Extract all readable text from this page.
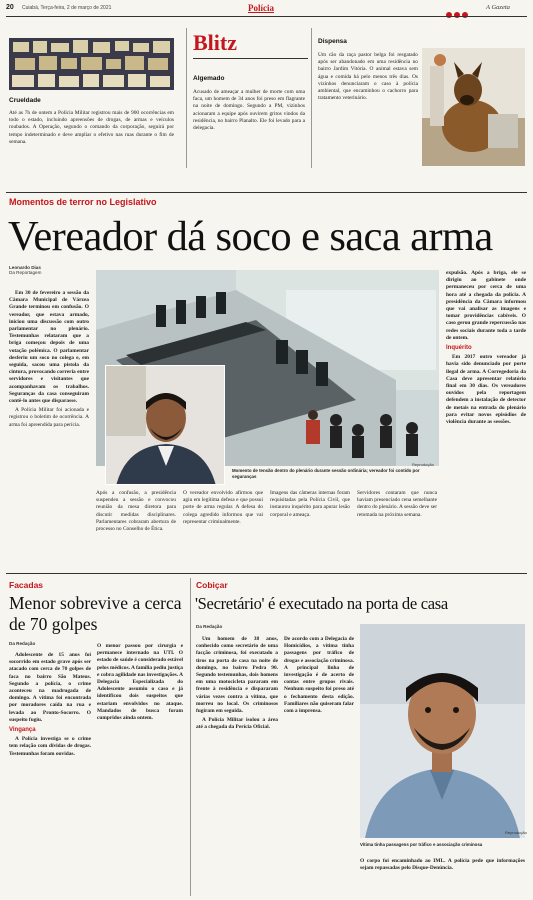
20 Cuiabá, Terça-feira, 2 de março de 2021	Polícia	A Gazeta
Crueldade
Até as 7h de ontem a Polícia Militar registrou mais de 900 ocorrências em todo o estado, incluindo apreensões de drogas, de armas e veículos roubados. A Operação, segundo o comando da corporação, seguirá por tempo indeterminado e deve ampliar o efetivo nas ruas durante o fim de semana.
Blitz
Algemado
Acusado de ameaçar a mulher de morte com uma faca, um homem de 34 anos foi preso em flagrante na noite de domingo. Segundo a PM, vizinhos acionaram a equipe após ouvirem gritos vindos da residência, no bairro Planalto. Ele foi levado para a delegacia.
Dispensa
Um cão da raça pastor belga foi resgatado após ser abandonado em uma residência no bairro Jardim Vitória. O animal estava sem água e comida há pelo menos três dias. Os vizinhos denunciaram o caso à polícia ambiental, que encaminhou o cachorro para tratamento veterinário.
Momentos de terror no Legislativo
Vereador dá soco e saca arma
Leonardo Dias
Da Reportagem

Em 30 de fevereiro a sessão da Câmara Municipal de Várzea Grande terminou em confusão. O vereador, que estava armado, iniciou uma discussão com outro parlamentar no plenário. Testemunhas relataram que a briga começou depois de uma votação polêmica. O parlamentar desferiu um soco no colega e, em seguida, sacou uma pistola da cintura, provocando correria entre servidores e visitantes que acompanhavam os trabalhos. Seguranças da casa conseguiram contê-lo antes que disparasse.

A Polícia Militar foi acionada e registrou o boletim de ocorrência. A arma foi apreendida para perícia.

Reprodução
Momento de tensão dentro do plenário durante sessão ordinária; vereador foi contido por seguranças
Após a confusão, a presidência suspendeu a sessão e convocou reunião da mesa diretora para discutir medidas disciplinares. Parlamentares cobraram abertura de processo no Conselho de Ética.
O vereador envolvido afirmou que agiu em legítima defesa e que possui porte de arma regular. A defesa do colega agredido informou que vai representar criminalmente.
Imagens das câmeras internas foram requisitadas pela Polícia Civil, que instaurou inquérito para apurar lesão corporal e ameaça.
Servidores contaram que nunca haviam presenciado cena semelhante dentro do plenário. A sessão deve ser retomada na próxima semana.

expulsão. Após a briga, ele se dirigiu ao gabinete onde permaneceu por cerca de uma hora até a chegada da polícia. A presidência da Câmara informou que vai analisar as imagens e tomar providências cabíveis. O caso gerou grande repercussão nas redes sociais durante toda a tarde de ontem.

Inquérito

Em 2017 outro vereador já havia sido denunciado por porte ilegal de arma. A Corregedoria da Casa deve apresentar relatório final em 30 dias. Os vereadores ouvidos pela reportagem defendem a instalação de detector de metais na entrada do plenário para evitar novos episódios de violência durante as sessões.

Facadas
Menor sobrevive a cerca de 70 golpes
Da Redação

Adolescente de 15 anos foi socorrido em estado grave após ser atacado com cerca de 70 golpes de faca no bairro São Mateus. Segundo a polícia, o crime aconteceu na madrugada de domingo. A vítima foi encontrada por moradores caída na rua e levada ao Pronto-Socorro. O suspeito fugiu.

Vingança

A Polícia investiga se o crime tem relação com dívidas de drogas. Testemunhas foram ouvidas.

O menor passou por cirurgia e permanece internado na UTI. O estado de saúde é considerado estável pelos médicos. A família pediu justiça e cobra agilidade nas investigações. A Delegacia Especializada do Adolescente assumiu o caso e já identificou dois suspeitos que estariam envolvidos no ataque. Mandados de busca foram cumpridos ainda ontem.
Cobiçar
'Secretário' é executado na porta de casa
Da Redação

Um homem de 38 anos, conhecido como secretário de uma facção criminosa, foi executado a tiros na porta de casa na noite de domingo, no bairro Pedra 90. Segundo testemunhas, dois homens em uma motocicleta pararam em frente à residência e dispararam várias vezes contra a vítima, que morreu no local. Os criminosos fugiram em seguida.

A Polícia Militar isolou a área até a chegada da Perícia Oficial.

De acordo com a Delegacia de Homicídios, a vítima tinha passagens por tráfico de drogas e associação criminosa. A principal linha de investigação é de acerto de contas entre grupos rivais. Nenhum suspeito foi preso até o fechamento desta edição. Familiares não quiseram falar com a imprensa.
Reprodução
Vítima tinha passagens por tráfico e associação criminosa
O corpo foi encaminhado ao IML. A polícia pede que informações sejam repassadas pelo Disque-Denúncia.
